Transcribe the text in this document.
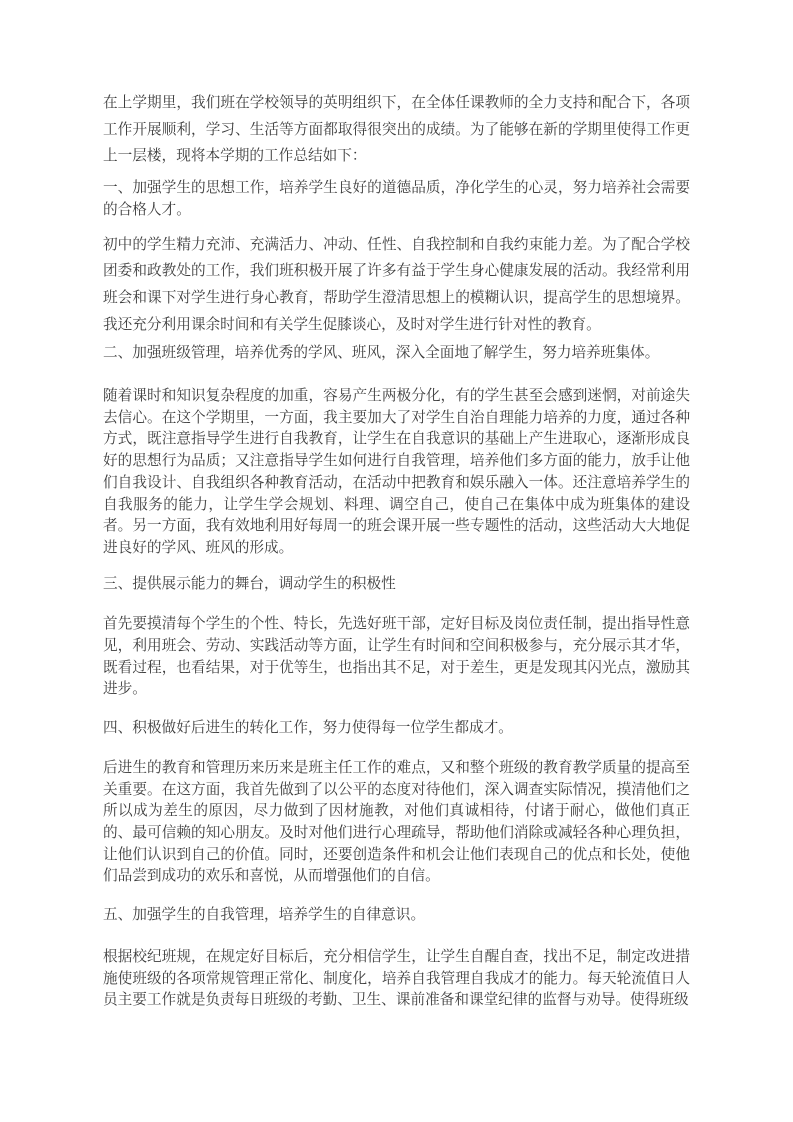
在上学期里，我们班在学校领导的英明组织下，在全体任课教师的全力支持和配合下，各项工作开展顺利，学习、生活等方面都取得很突出的成绩。为了能够在新的学期里使得工作更上一层楼，现将本学期的工作总结如下：

一、加强学生的思想工作，培养学生良好的道德品质，净化学生的心灵，努力培养社会需要的合格人才。

初中的学生精力充沛、充满活力、冲动、任性、自我控制和自我约束能力差。为了配合学校团委和政教处的工作，我们班积极开展了许多有益于学生身心健康发展的活动。我经常利用班会和课下对学生进行身心教育，帮助学生澄清思想上的模糊认识，提高学生的思想境界。我还充分利用课余时间和有关学生促膝谈心，及时对学生进行针对性的教育。

二、加强班级管理，培养优秀的学风、班风，深入全面地了解学生，努力培养班集体。

随着课时和知识复杂程度的加重，容易产生两极分化，有的学生甚至会感到迷惘，对前途失去信心。在这个学期里，一方面，我主要加大了对学生自治自理能力培养的力度，通过各种方式，既注意指导学生进行自我教育，让学生在自我意识的基础上产生进取心，逐渐形成良好的思想行为品质；又注意指导学生如何进行自我管理，培养他们多方面的能力，放手让他们自我设计、自我组织各种教育活动，在活动中把教育和娱乐融入一体。还注意培养学生的自我服务的能力，让学生学会规划、料理、调空自己，使自己在集体中成为班集体的建设者。另一方面，我有效地利用好每周一的班会课开展一些专题性的活动，这些活动大大地促进良好的学风、班风的形成。

三、提供展示能力的舞台，调动学生的积极性

首先要摸清每个学生的个性、特长，先选好班干部，定好目标及岗位责任制，提出指导性意见，利用班会、劳动、实践活动等方面，让学生有时间和空间积极参与，充分展示其才华，既看过程，也看结果，对于优等生，也指出其不足，对于差生，更是发现其闪光点，激励其进步。

四、积极做好后进生的转化工作，努力使得每一位学生都成才。

后进生的教育和管理历来历来是班主任工作的难点，又和整个班级的教育教学质量的提高至关重要。在这方面，我首先做到了以公平的态度对待他们，深入调查实际情况，摸清他们之所以成为差生的原因，尽力做到了因材施教，对他们真诚相待，付诸于耐心，做他们真正的、最可信赖的知心朋友。及时对他们进行心理疏导，帮助他们消除或减轻各种心理负担，让他们认识到自己的价值。同时，还要创造条件和机会让他们表现自己的优点和长处，使他们品尝到成功的欢乐和喜悦，从而增强他们的自信。

五、加强学生的自我管理，培养学生的自律意识。

根据校纪班规，在规定好目标后，充分相信学生，让学生自醒自查，找出不足，制定改进措施使班级的各项常规管理正常化、制度化，培养自我管理自我成才的能力。每天轮流值日人员主要工作就是负责每日班级的考勤、卫生、课前准备和课堂纪律的监督与劝导。使得班级
